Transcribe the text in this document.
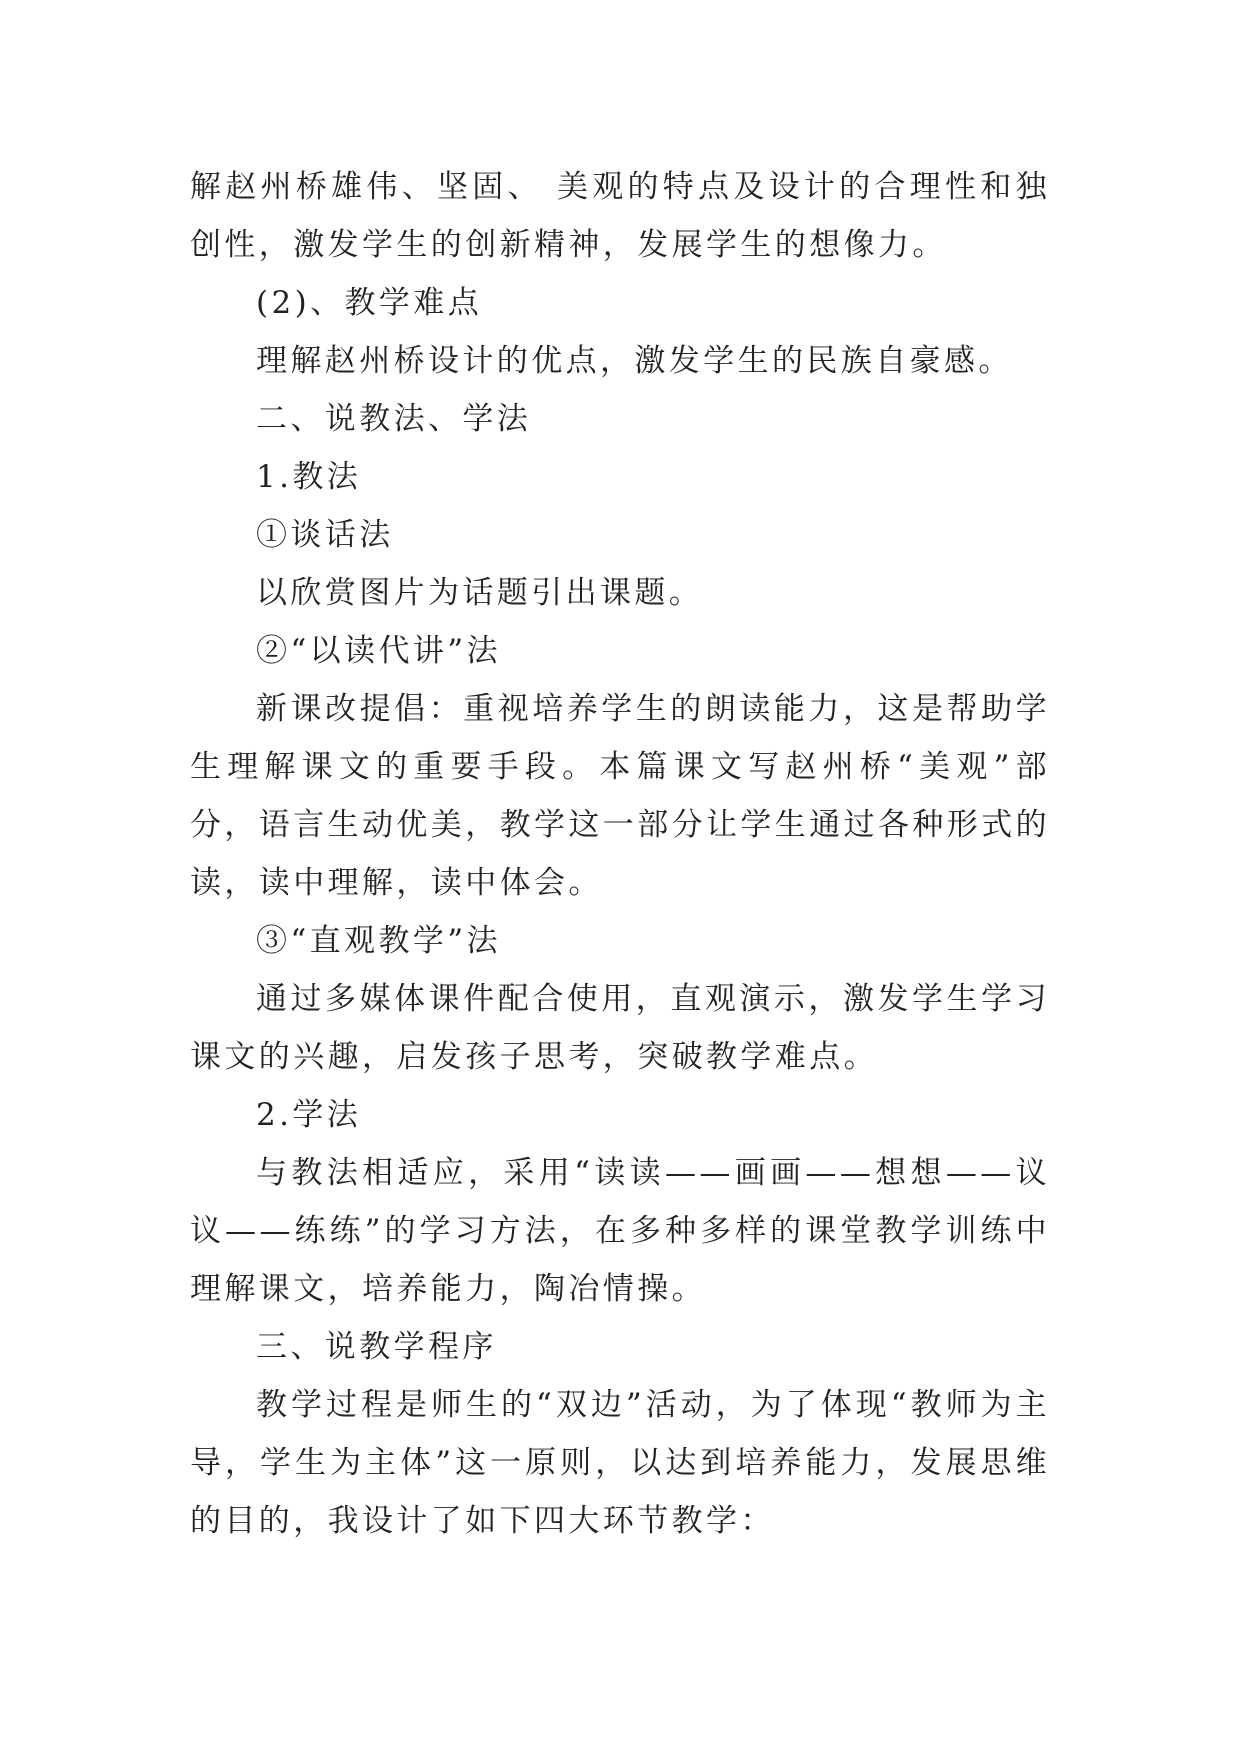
解赵州桥雄伟、坚固、 美观的特点及设计的合理性和独创性，激发学生的创新精神，发展学生的想像力。

(2)、教学难点

理解赵州桥设计的优点，激发学生的民族自豪感。

二、说教法、学法

1.教法

①谈话法

以欣赏图片为话题引出课题。

②“以读代讲”法

新课改提倡：重视培养学生的朗读能力，这是帮助学生理解课文的重要手段。本篇课文写赵州桥“美观”部分，语言生动优美，教学这一部分让学生通过各种形式的读，读中理解，读中体会。

③“直观教学”法

通过多媒体课件配合使用，直观演示，激发学生学习课文的兴趣，启发孩子思考，突破教学难点。

2.学法

与教法相适应，采用“读读——画画——想想——议议——练练”的学习方法，在多种多样的课堂教学训练中理解课文，培养能力，陶冶情操。

三、说教学程序

教学过程是师生的“双边”活动，为了体现“教师为主导，学生为主体”这一原则，以达到培养能力，发展思维的目的，我设计了如下四大环节教学：
